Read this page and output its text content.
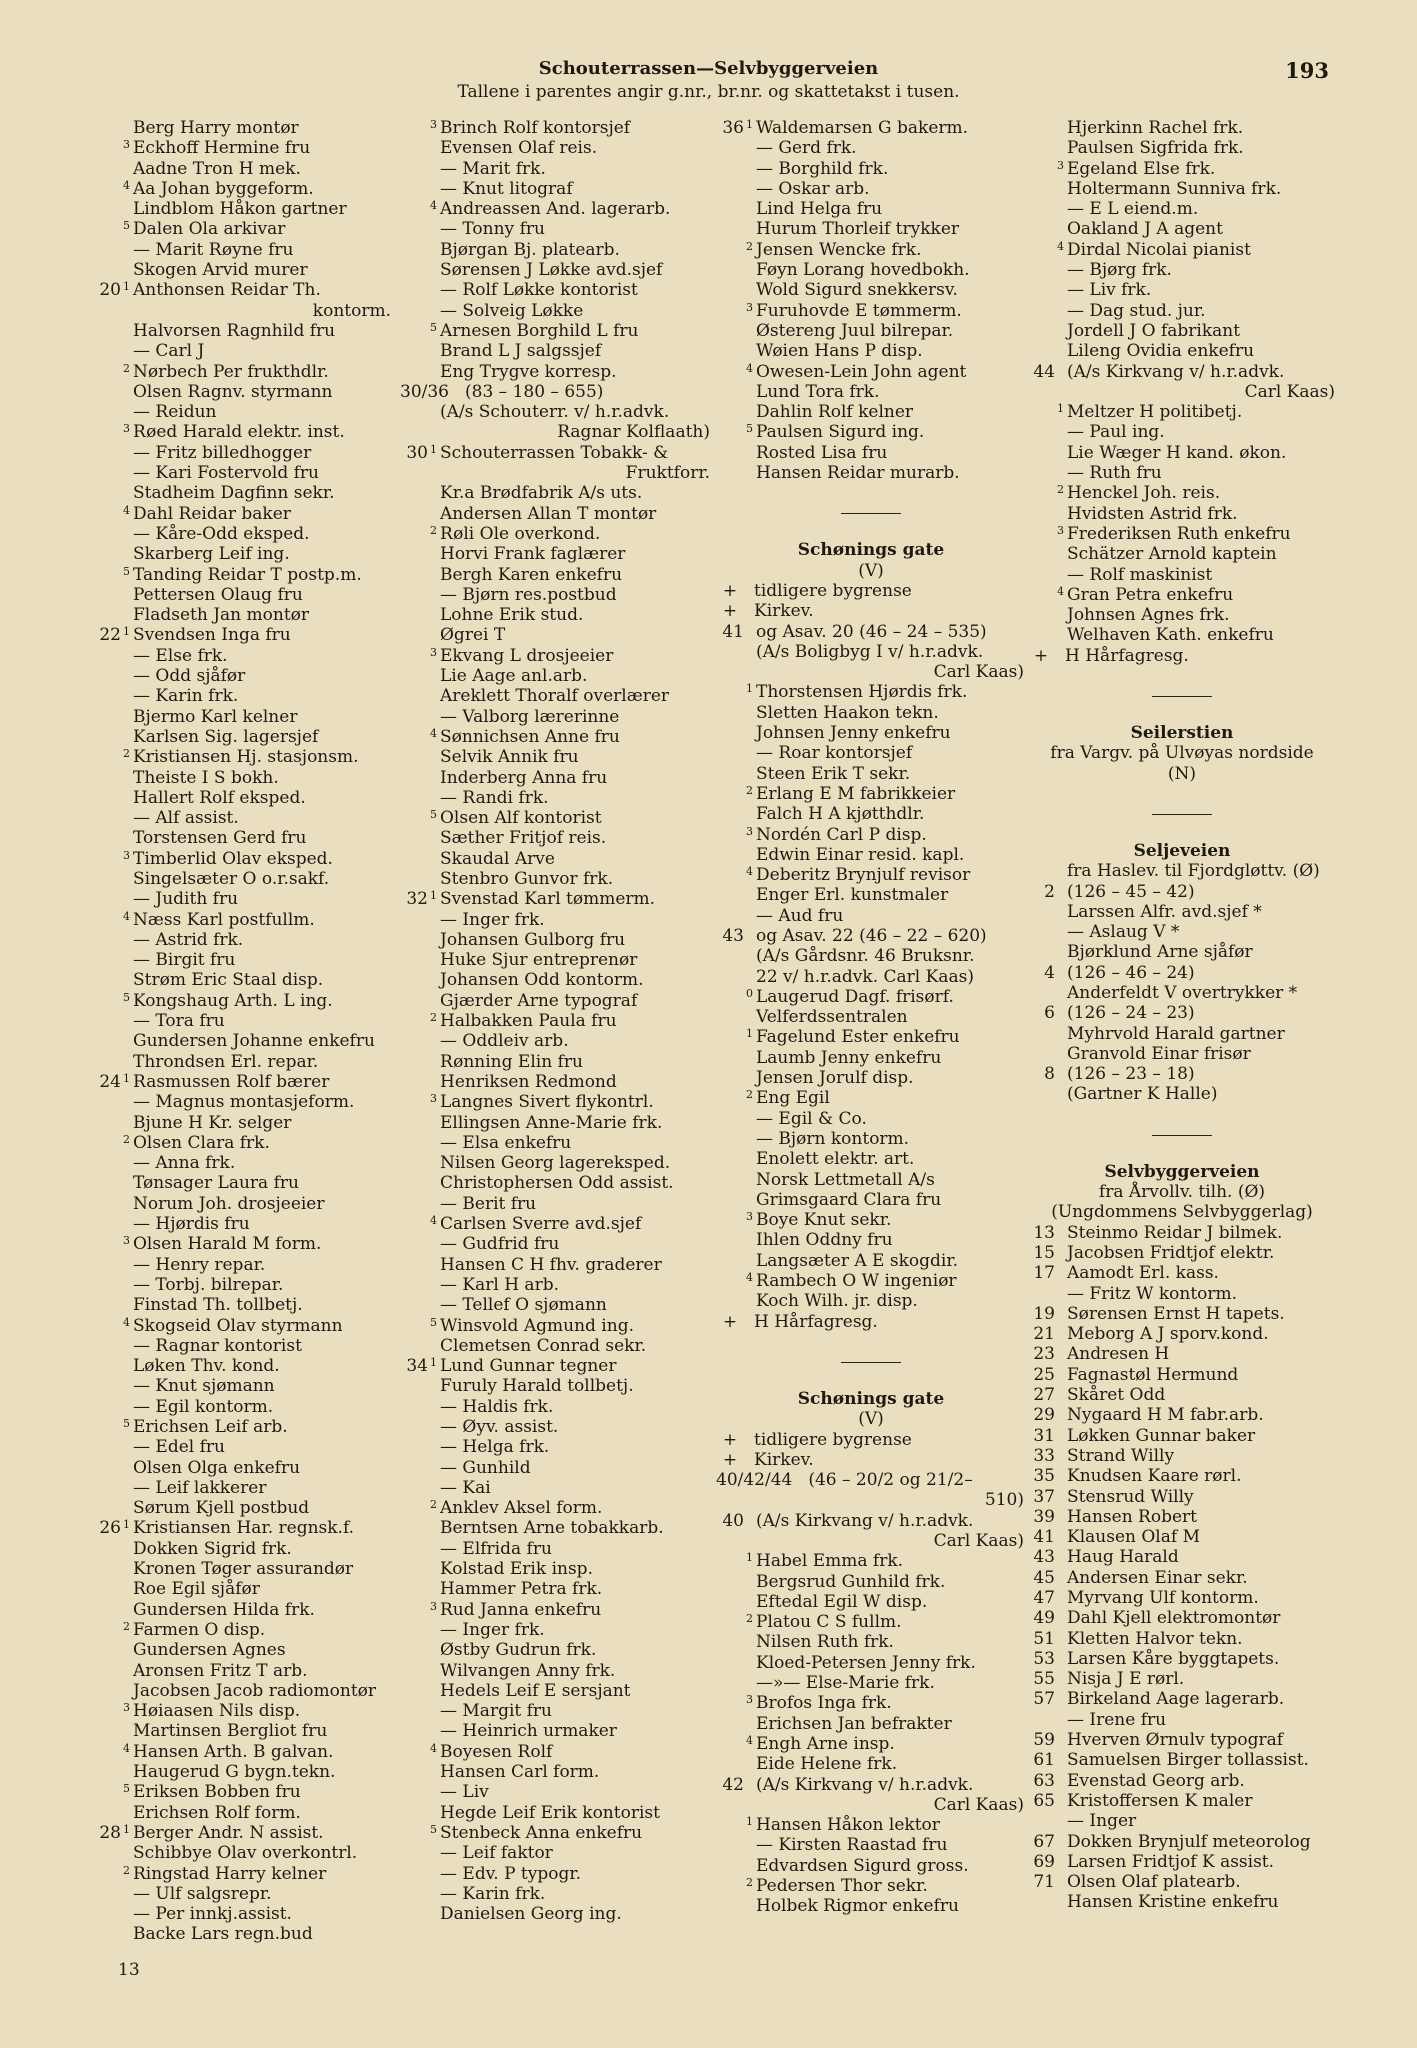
Schouterrassen—Selvbyggerveien	193
Tallene i parentes angir g.nr., br.nr. og skattetakst i tusen.
Berg Harry montør
3 Eckhoff Hermine fru
Aadne Tron H mek.
4 Aa Johan byggeform.
Lindblom Håkon gartner
5 Dalen Ola arkivar
— Marit Røyne fru
Skogen Arvid murer
20 1 Anthonsen Reidar Th.
kontorm.
Halvorsen Ragnhild fru
— Carl J
2 Nørbech Per frukthdlr.
Olsen Ragnv. styrmann
— Reidun
3 Røed Harald elektr. inst.
— Fritz billedhogger
— Kari Fostervold fru
Stadheim Dagfinn sekr.
4 Dahl Reidar baker
— Kåre-Odd eksped.
Skarberg Leif ing.
5 Tanding Reidar T postp.m.
Pettersen Olaug fru
Fladseth Jan montør
22 1 Svendsen Inga fru
— Else frk.
— Odd sjåfør
— Karin frk.
Bjermo Karl kelner
Karlsen Sig. lagersjef
2 Kristiansen Hj. stasjonsm.
Theiste I S bokh.
Hallert Rolf eksped.
— Alf assist.
Torstensen Gerd fru
3 Timberlid Olav eksped.
Singelsæter O o.r.sakf.
— Judith fru
4 Næss Karl postfullm.
— Astrid frk.
— Birgit fru
Strøm Eric Staal disp.
5 Kongshaug Arth. L ing.
— Tora fru
Gundersen Johanne enkefru
Throndsen Erl. repar.
24 1 Rasmussen Rolf bærer
— Magnus montasjeform.
Bjune H Kr. selger
2 Olsen Clara frk.
— Anna frk.
Tønsager Laura fru
Norum Joh. drosjeeier
— Hjørdis fru
3 Olsen Harald M form.
— Henry repar.
— Torbj. bilrepar.
Finstad Th. tollbetj.
4 Skogseid Olav styrmann
— Ragnar kontorist
Løken Thv. kond.
— Knut sjømann
— Egil kontorm.
5 Erichsen Leif arb.
— Edel fru
Olsen Olga enkefru
— Leif lakkerer
Sørum Kjell postbud
26 1 Kristiansen Har. regnsk.f.
Dokken Sigrid frk.
Kronen Tøger assurandør
Roe Egil sjåfør
Gundersen Hilda frk.
2 Farmen O disp.
Gundersen Agnes
Aronsen Fritz T arb.
Jacobsen Jacob radiomontør
3 Høiaasen Nils disp.
Martinsen Bergliot fru
4 Hansen Arth. B galvan.
Haugerud G bygn.tekn.
5 Eriksen Bobben fru
Erichsen Rolf form.
28 1 Berger Andr. N assist.
Schibbye Olav overkontrl.
2 Ringstad Harry kelner
— Ulf salgsrepr.
— Per innkj.assist.
Backe Lars regn.bud
3 Brinch Rolf kontorsjef
Evensen Olaf reis.
— Marit frk.
— Knut litograf
4 Andreassen And. lagerarb.
— Tonny fru
Bjørgan Bj. platearb.
Sørensen J Løkke avd.sjef
— Rolf Løkke kontorist
— Solveig Løkke
5 Arnesen Borghild L fru
Brand L J salgssjef
Eng Trygve korresp.
30/36 (83 – 180 – 655)
(A/s Schouterr. v/ h.r.advk.
Ragnar Kolflaath)
30 1 Schouterrassen Tobakk- &
Fruktforr.
Kr.a Brødfabrik A/s uts.
Andersen Allan T montør
2 Røli Ole overkond.
Horvi Frank faglærer
Bergh Karen enkefru
— Bjørn res.postbud
Lohne Erik stud.
Øgrei T
3 Ekvang L drosjeeier
Lie Aage anl.arb.
Areklett Thoralf overlærer
— Valborg lærerinne
4 Sønnichsen Anne fru
Selvik Annik fru
Inderberg Anna fru
— Randi frk.
5 Olsen Alf kontorist
Sæther Fritjof reis.
Skaudal Arve
Stenbro Gunvor frk.
32 1 Svenstad Karl tømmerm.
— Inger frk.
Johansen Gulborg fru
Huke Sjur entreprenør
Johansen Odd kontorm.
Gjærder Arne typograf
2 Halbakken Paula fru
— Oddleiv arb.
Rønning Elin fru
Henriksen Redmond
3 Langnes Sivert flykontrl.
Ellingsen Anne-Marie frk.
— Elsa enkefru
Nilsen Georg lagereksped.
Christophersen Odd assist.
— Berit fru
4 Carlsen Sverre avd.sjef
— Gudfrid fru
Hansen C H fhv. graderer
— Karl H arb.
— Tellef O sjømann
5 Winsvold Agmund ing.
Clemetsen Conrad sekr.
34 1 Lund Gunnar tegner
Furuly Harald tollbetj.
— Haldis frk.
— Øyv. assist.
— Helga frk.
— Gunhild
— Kai
2 Anklev Aksel form.
Berntsen Arne tobakkarb.
— Elfrida fru
Kolstad Erik insp.
Hammer Petra frk.
3 Rud Janna enkefru
— Inger frk.
Østby Gudrun frk.
Wilvangen Anny frk.
Hedels Leif E sersjant
— Margit fru
— Heinrich urmaker
4 Boyesen Rolf
Hansen Carl form.
— Liv
Hegde Leif Erik kontorist
5 Stenbeck Anna enkefru
— Leif faktor
— Edv. P typogr.
— Karin frk.
Danielsen Georg ing.
36 1 Waldemarsen G bakerm.
— Gerd frk.
— Borghild frk.
— Oskar arb.
Lind Helga fru
Hurum Thorleif trykker
2 Jensen Wencke frk.
Føyn Lorang hovedbokh.
Wold Sigurd snekkersv.
3 Furuhovde E tømmerm.
Østereng Juul bilrepar.
Wøien Hans P disp.
4 Owesen-Lein John agent
Lund Tora frk.
Dahlin Rolf kelner
5 Paulsen Sigurd ing.
Rosted Lisa fru
Hansen Reidar murarb.
Schønings gate
(V)
+ tidligere bygrense
+ Kirkev.
41 og Asav. 20 (46 – 24 – 535)
(A/s Boligbyg I v/ h.r.advk.
Carl Kaas)
1 Thorstensen Hjørdis frk.
Sletten Haakon tekn.
Johnsen Jenny enkefru
— Roar kontorsjef
Steen Erik T sekr.
2 Erlang E M fabrikkeier
Falch H A kjøtthdlr.
3 Nordén Carl P disp.
Edwin Einar resid. kapl.
4 Deberitz Brynjulf revisor
Enger Erl. kunstmaler
— Aud fru
43 og Asav. 22 (46 – 22 – 620)
(A/s Gårdsnr. 46 Bruksnr.
22 v/ h.r.advk. Carl Kaas)
0 Laugerud Dagf. frisørf.
Velferdssentralen
1 Fagelund Ester enkefru
Laumb Jenny enkefru
Jensen Jorulf disp.
2 Eng Egil
— Egil & Co.
— Bjørn kontorm.
Enolett elektr. art.
Norsk Lettmetall A/s
Grimsgaard Clara fru
3 Boye Knut sekr.
Ihlen Oddny fru
Langsæter A E skogdir.
4 Rambech O W ingeniør
Koch Wilh. jr. disp.
+ H Hårfagresg.
Schønings gate
(V)
+ tidligere bygrense
+ Kirkev.
40/42/44 (46 – 20/2 og 21/2–
510)
40 (A/s Kirkvang v/ h.r.advk.
Carl Kaas)
1 Habel Emma frk.
Bergsrud Gunhild frk.
Eftedal Egil W disp.
2 Platou C S fullm.
Nilsen Ruth frk.
Kloed-Petersen Jenny frk.
—»— Else-Marie frk.
3 Brofos Inga frk.
Erichsen Jan befrakter
4 Engh Arne insp.
Eide Helene frk.
42 (A/s Kirkvang v/ h.r.advk.
Carl Kaas)
1 Hansen Håkon lektor
— Kirsten Raastad fru
Edvardsen Sigurd gross.
2 Pedersen Thor sekr.
Holbek Rigmor enkefru
Hjerkinn Rachel frk.
Paulsen Sigfrida frk.
3 Egeland Else frk.
Holtermann Sunniva frk.
— E L eiend.m.
Oakland J A agent
4 Dirdal Nicolai pianist
— Bjørg frk.
— Liv frk.
— Dag stud. jur.
Jordell J O fabrikant
Lileng Ovidia enkefru
44 (A/s Kirkvang v/ h.r.advk.
Carl Kaas)
1 Meltzer H politibetj.
— Paul ing.
Lie Wæger H kand. økon.
— Ruth fru
2 Henckel Joh. reis.
Hvidsten Astrid frk.
3 Frederiksen Ruth enkefru
Schätzer Arnold kaptein
— Rolf maskinist
4 Gran Petra enkefru
Johnsen Agnes frk.
Welhaven Kath. enkefru
+ H Hårfagresg.
Seilerstien
fra Vargv. på Ulvøyas nordside
(N)
Seljeveien
fra Haslev. til Fjordgløttv. (Ø)
2 (126 – 45 – 42)
Larssen Alfr. avd.sjef *
— Aslaug V *
Bjørklund Arne sjåfør
4 (126 – 46 – 24)
Anderfeldt V overtrykker *
6 (126 – 24 – 23)
Myhrvold Harald gartner
Granvold Einar frisør
8 (126 – 23 – 18)
(Gartner K Halle)
Selvbyggerveien
fra Årvollv. tilh. (Ø)
(Ungdommens Selvbyggerlag)
13 Steinmo Reidar J bilmek.
15 Jacobsen Fridtjof elektr.
17 Aamodt Erl. kass.
— Fritz W kontorm.
19 Sørensen Ernst H tapets.
21 Meborg A J sporv.kond.
23 Andresen H
25 Fagnastøl Hermund
27 Skåret Odd
29 Nygaard H M fabr.arb.
31 Løkken Gunnar baker
33 Strand Willy
35 Knudsen Kaare rørl.
37 Stensrud Willy
39 Hansen Robert
41 Klausen Olaf M
43 Haug Harald
45 Andersen Einar sekr.
47 Myrvang Ulf kontorm.
49 Dahl Kjell elektromontør
51 Kletten Halvor tekn.
53 Larsen Kåre byggtapets.
55 Nisja J E rørl.
57 Birkeland Aage lagerarb.
— Irene fru
59 Hverven Ørnulv typograf
61 Samuelsen Birger tollassist.
63 Evenstad Georg arb.
65 Kristoffersen K maler
— Inger
67 Dokken Brynjulf meteorolog
69 Larsen Fridtjof K assist.
71 Olsen Olaf platearb.
Hansen Kristine enkefru
13
